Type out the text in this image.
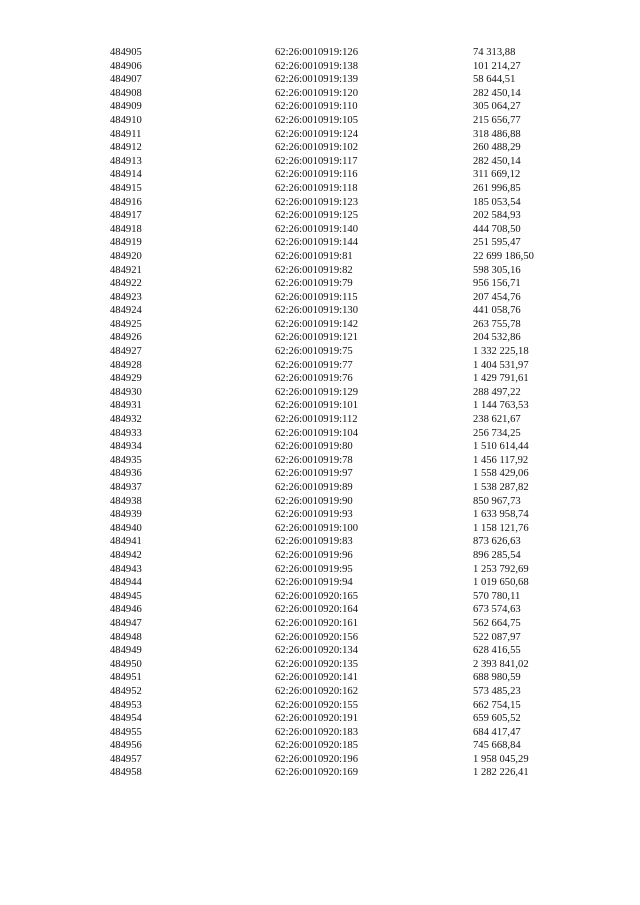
484905	62:26:0010919:126	74 313,88
484906	62:26:0010919:138	101 214,27
484907	62:26:0010919:139	58 644,51
484908	62:26:0010919:120	282 450,14
484909	62:26:0010919:110	305 064,27
484910	62:26:0010919:105	215 656,77
484911	62:26:0010919:124	318 486,88
484912	62:26:0010919:102	260 488,29
484913	62:26:0010919:117	282 450,14
484914	62:26:0010919:116	311 669,12
484915	62:26:0010919:118	261 996,85
484916	62:26:0010919:123	185 053,54
484917	62:26:0010919:125	202 584,93
484918	62:26:0010919:140	444 708,50
484919	62:26:0010919:144	251 595,47
484920	62:26:0010919:81	22 699 186,50
484921	62:26:0010919:82	598 305,16
484922	62:26:0010919:79	956 156,71
484923	62:26:0010919:115	207 454,76
484924	62:26:0010919:130	441 058,76
484925	62:26:0010919:142	263 755,78
484926	62:26:0010919:121	204 532,86
484927	62:26:0010919:75	1 332 225,18
484928	62:26:0010919:77	1 404 531,97
484929	62:26:0010919:76	1 429 791,61
484930	62:26:0010919:129	288 497,22
484931	62:26:0010919:101	1 144 763,53
484932	62:26:0010919:112	238 621,67
484933	62:26:0010919:104	256 734,25
484934	62:26:0010919:80	1 510 614,44
484935	62:26:0010919:78	1 456 117,92
484936	62:26:0010919:97	1 558 429,06
484937	62:26:0010919:89	1 538 287,82
484938	62:26:0010919:90	850 967,73
484939	62:26:0010919:93	1 633 958,74
484940	62:26:0010919:100	1 158 121,76
484941	62:26:0010919:83	873 626,63
484942	62:26:0010919:96	896 285,54
484943	62:26:0010919:95	1 253 792,69
484944	62:26:0010919:94	1 019 650,68
484945	62:26:0010920:165	570 780,11
484946	62:26:0010920:164	673 574,63
484947	62:26:0010920:161	562 664,75
484948	62:26:0010920:156	522 087,97
484949	62:26:0010920:134	628 416,55
484950	62:26:0010920:135	2 393 841,02
484951	62:26:0010920:141	688 980,59
484952	62:26:0010920:162	573 485,23
484953	62:26:0010920:155	662 754,15
484954	62:26:0010920:191	659 605,52
484955	62:26:0010920:183	684 417,47
484956	62:26:0010920:185	745 668,84
484957	62:26:0010920:196	1 958 045,29
484958	62:26:0010920:169	1 282 226,41
